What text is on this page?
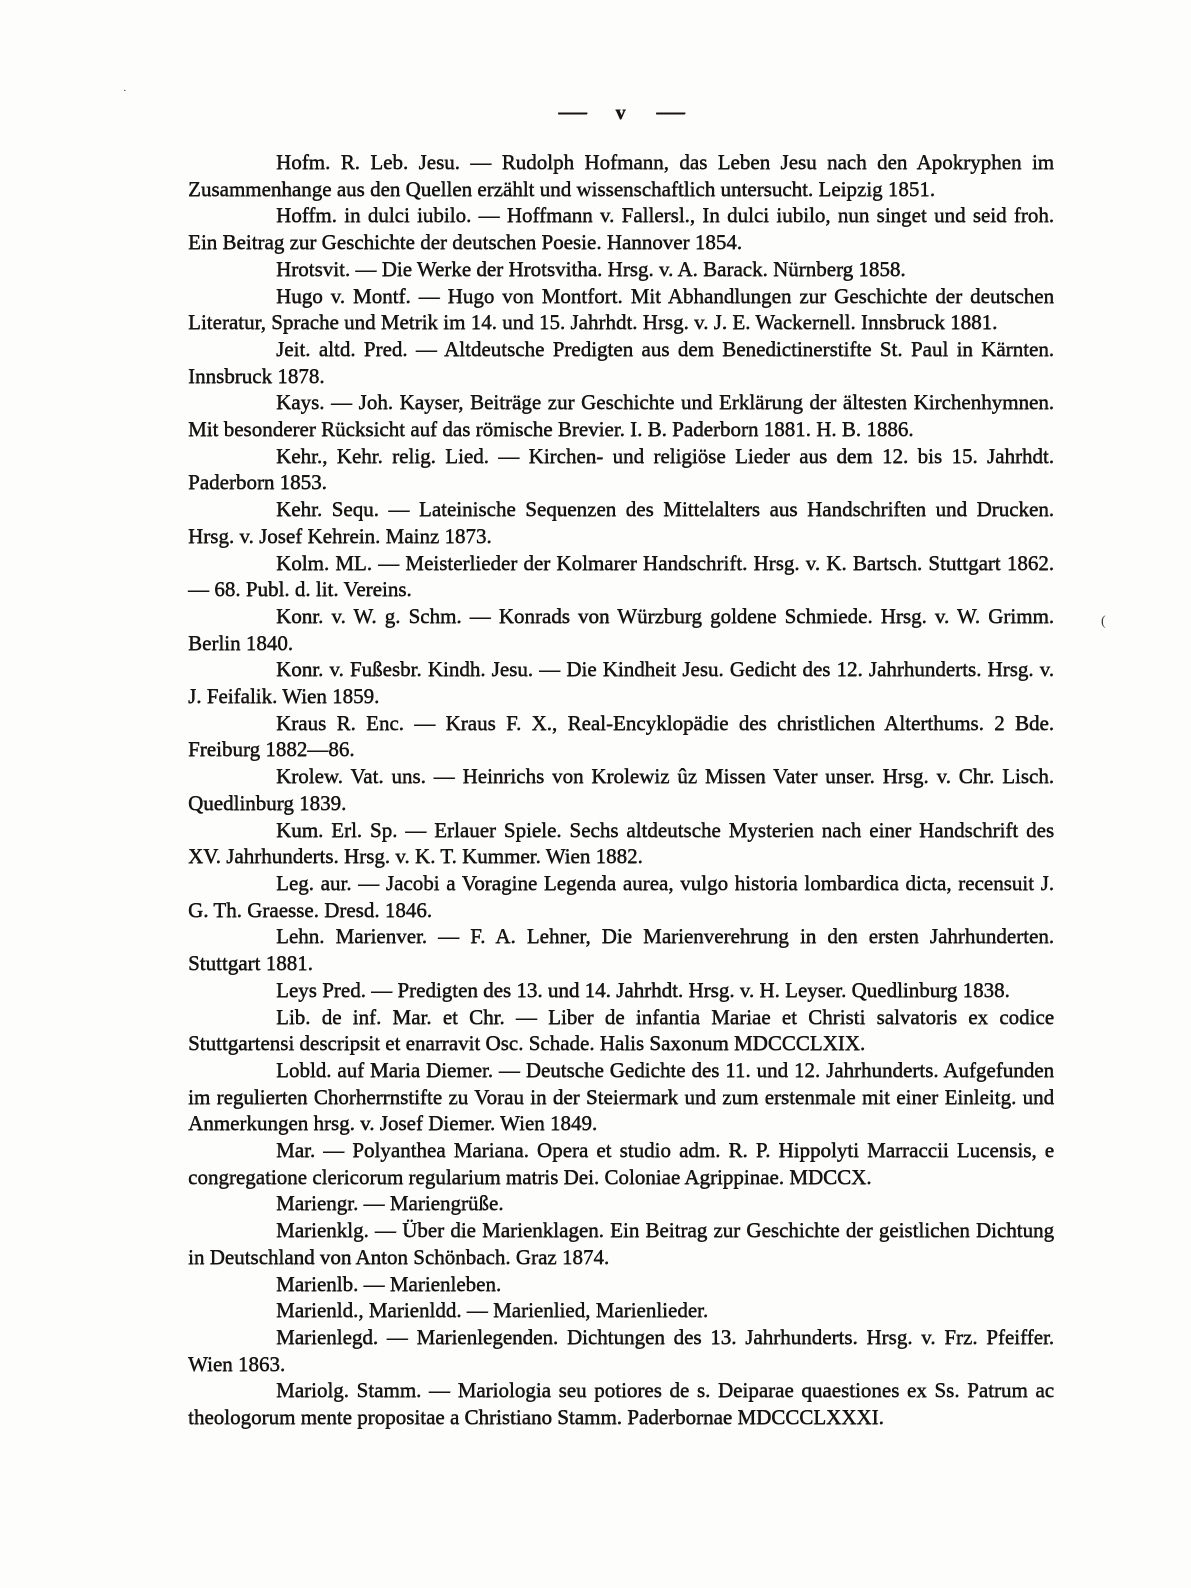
·
— v —

Hofm. R. Leb. Jesu. — Rudolph Hofmann, das Leben Jesu nach den Apokryphen im Zusammenhange aus den Quellen erzählt und wissenschaftlich untersucht. Leipzig 1851.

Hoffm. in dulci iubilo. — Hoffmann v. Fallersl., In dulci iubilo, nun singet und seid froh. Ein Beitrag zur Geschichte der deutschen Poesie. Hannover 1854.

Hrotsvit. — Die Werke der Hrotsvitha. Hrsg. v. A. Barack. Nürnberg 1858.

Hugo v. Montf. — Hugo von Montfort. Mit Abhandlungen zur Geschichte der deutschen Literatur, Sprache und Metrik im 14. und 15. Jahrhdt. Hrsg. v. J. E. Wackernell. Innsbruck 1881.

Jeit. altd. Pred. — Altdeutsche Predigten aus dem Benedictinerstifte St. Paul in Kärnten. Innsbruck 1878.

Kays. — Joh. Kayser, Beiträge zur Geschichte und Erklärung der ältesten Kirchenhymnen. Mit besonderer Rücksicht auf das römische Brevier. I. B. Paderborn 1881. H. B. 1886.

Kehr., Kehr. relig. Lied. — Kirchen- und religiöse Lieder aus dem 12. bis 15. Jahrhdt. Paderborn 1853.

Kehr. Sequ. — Lateinische Sequenzen des Mittelalters aus Handschriften und Drucken. Hrsg. v. Josef Kehrein. Mainz 1873.

Kolm. ML. — Meisterlieder der Kolmarer Handschrift. Hrsg. v. K. Bartsch. Stuttgart 1862. — 68. Publ. d. lit. Vereins.

Konr. v. W. g. Schm. — Konrads von Würzburg goldene Schmiede. Hrsg. v. W. Grimm. Berlin 1840.

Konr. v. Fußesbr. Kindh. Jesu. — Die Kindheit Jesu. Gedicht des 12. Jahrhunderts. Hrsg. v. J. Feifalik. Wien 1859.

Kraus R. Enc. — Kraus F. X., Real-Encyklopädie des christlichen Alterthums. 2 Bde. Freiburg 1882—86.

Krolew. Vat. uns. — Heinrichs von Krolewiz ûz Missen Vater unser. Hrsg. v. Chr. Lisch. Quedlinburg 1839.

Kum. Erl. Sp. — Erlauer Spiele. Sechs altdeutsche Mysterien nach einer Handschrift des XV. Jahrhunderts. Hrsg. v. K. T. Kummer. Wien 1882.

Leg. aur. — Jacobi a Voragine Legenda aurea, vulgo historia lombardica dicta, recensuit J. G. Th. Graesse. Dresd. 1846.

Lehn. Marienver. — F. A. Lehner, Die Marienverehrung in den ersten Jahrhunderten. Stuttgart 1881.

Leys Pred. — Predigten des 13. und 14. Jahrhdt. Hrsg. v. H. Leyser. Quedlinburg 1838.

Lib. de inf. Mar. et Chr. — Liber de infantia Mariae et Christi salvatoris ex codice Stuttgartensi descripsit et enarravit Osc. Schade. Halis Saxonum MDCCCLXIX.

Lobld. auf Maria Diemer. — Deutsche Gedichte des 11. und 12. Jahrhunderts. Aufgefunden im regulierten Chorherrnstifte zu Vorau in der Steiermark und zum erstenmale mit einer Einleitg. und Anmerkungen hrsg. v. Josef Diemer. Wien 1849.

Mar. — Polyanthea Mariana. Opera et studio adm. R. P. Hippolyti Marraccii Lucensis, e congregatione clericorum regularium matris Dei. Coloniae Agrippinae. MDCCX.

Mariengr. — Mariengrüße.

Marienklg. — Über die Marienklagen. Ein Beitrag zur Geschichte der geistlichen Dichtung in Deutschland von Anton Schönbach. Graz 1874.

Marienlb. — Marienleben.

Marienld., Marienldd. — Marienlied, Marienlieder.

Marienlegd. — Marienlegenden. Dichtungen des 13. Jahrhunderts. Hrsg. v. Frz. Pfeiffer. Wien 1863.

Mariolg. Stamm. — Mariologia seu potiores de s. Deiparae quaestiones ex Ss. Patrum ac theologorum mente propositae a Christiano Stamm. Paderbornae MDCCCLXXXI.

(
